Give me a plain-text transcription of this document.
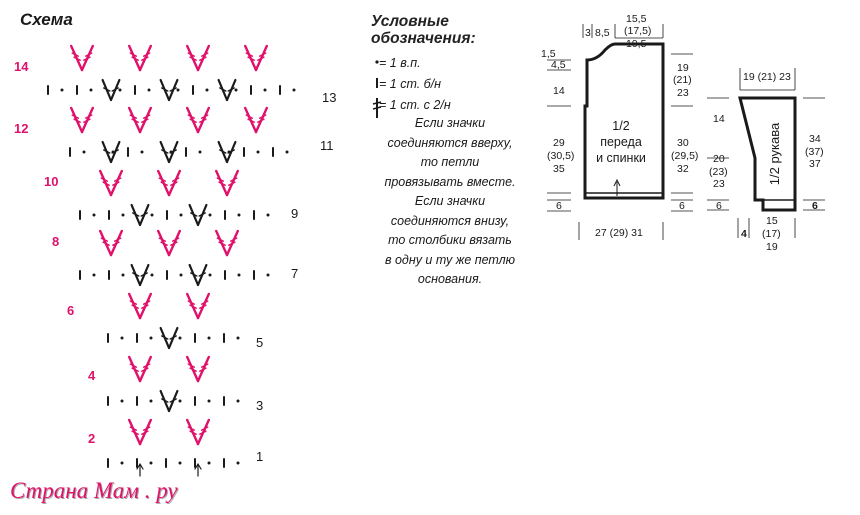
Схема
14
12
10
8
6
4
2
13
11
9
7
5
3
1
Условные
обозначения:
= 1 в.п.
= 1 ст. б/н
= 1 ст. с 2/н
Если значки
соединяются вверху,
то петли
провязывать вместе.
Если значки
соединяются внизу,
то столбики вязать
в одну и ту же петлю
основания.
3 8,5
15,5
(17,5)
19,5
1,5
4,5
14
29
(30,5)
35
6
19
(21)
23
30
(29,5)
32
6
27 (29) 31
1/2
переда
и спинки
19 (21) 23
14
20
(23)
23
6
34
(37)
37
6
4
15
(17)
19
1/2 рукава
Страна Мам . ру
